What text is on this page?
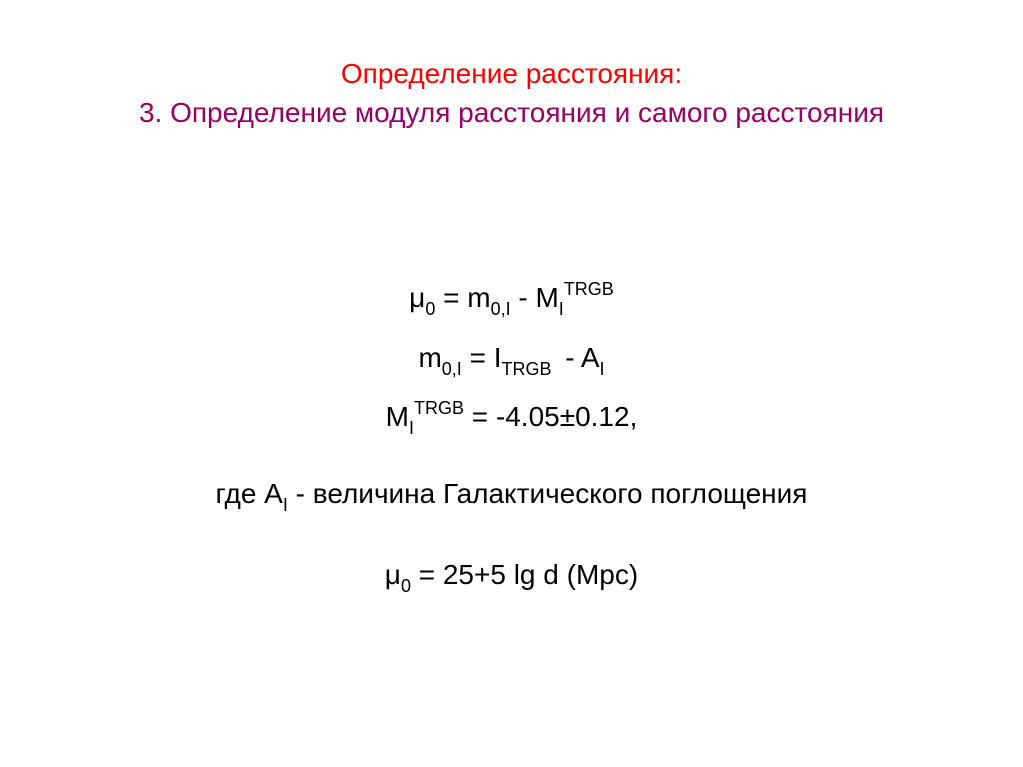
Определение расстояния:
3. Определение модуля расстояния и самого расстояния
$\mu_0 = m_{0,I} - M_I^{TRGB}$
$m_{0,I} = I_{TRGB} - A_I$
$M_I^{TRGB} = -4.05\pm 0.12$,
где $A_I$ - величина Галактического поглощения
$\mu_0 = 25+5$ lg d (Mpc)
